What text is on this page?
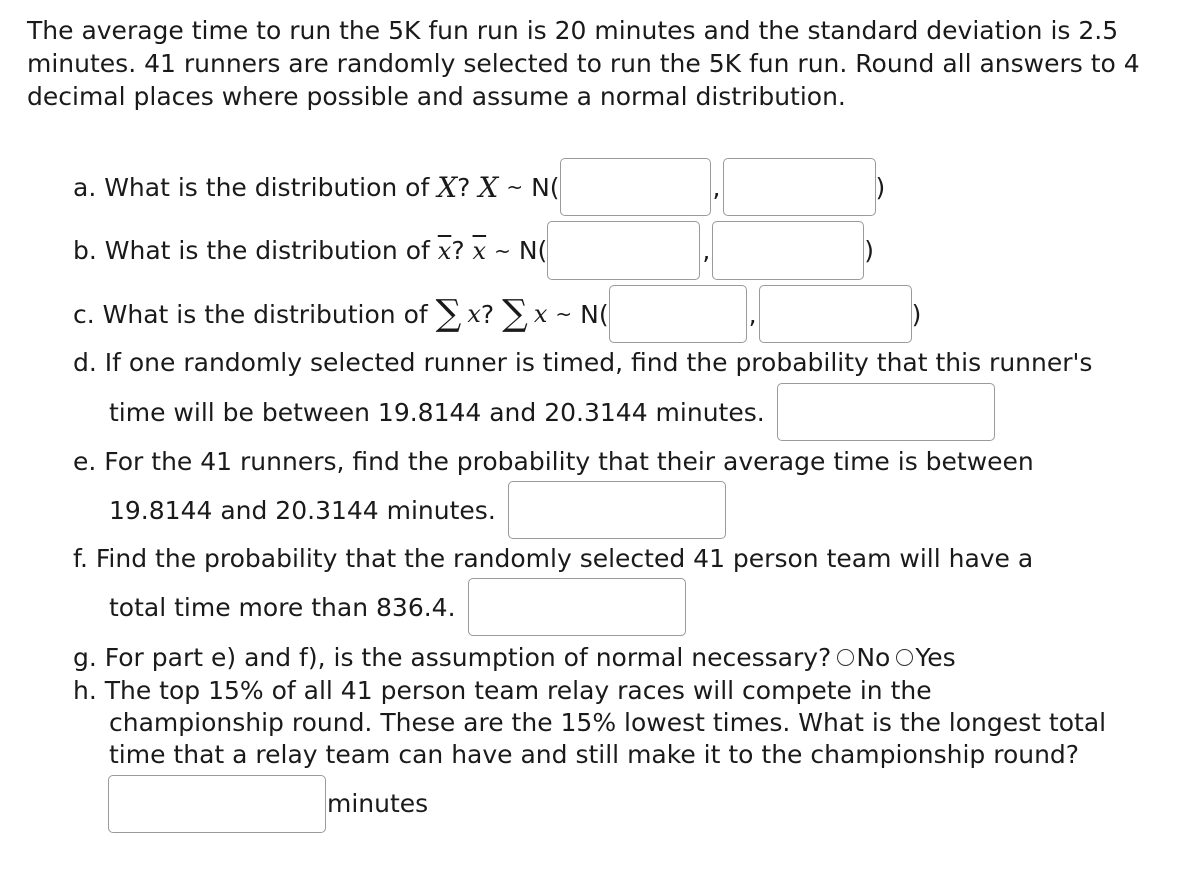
The average time to run the 5K fun run is 20 minutes and the standard deviation is 2.5 minutes. 41 runners are randomly selected to run the 5K fun run. Round all answers to 4 decimal places where possible and assume a normal distribution.

a. What is the distribution of
X ?
X ~ N(	,	)
b. What is the distribution of
$\overline{x}$ ?
$\overline{x}$ ~ N(	,	)
c. What is the distribution of
∑ x ?
∑ x ~ N(	,	)
d. If one randomly selected runner is timed, find the probability that this runner's
time will be between 19.8144 and 20.3144 minutes.
e. For the 41 runners, find the probability that their average time is between
19.8144 and 20.3144 minutes.
f. Find the probability that the randomly selected 41 person team will have a
total time more than 836.4.
g. For part e) and f), is the assumption of normal necessary? No Yes
h. The top 15% of all 41 person team relay races will compete in the
championship round. These are the 15% lowest times. What is the longest total
time that a relay team can have and still make it to the championship round?
minutes
